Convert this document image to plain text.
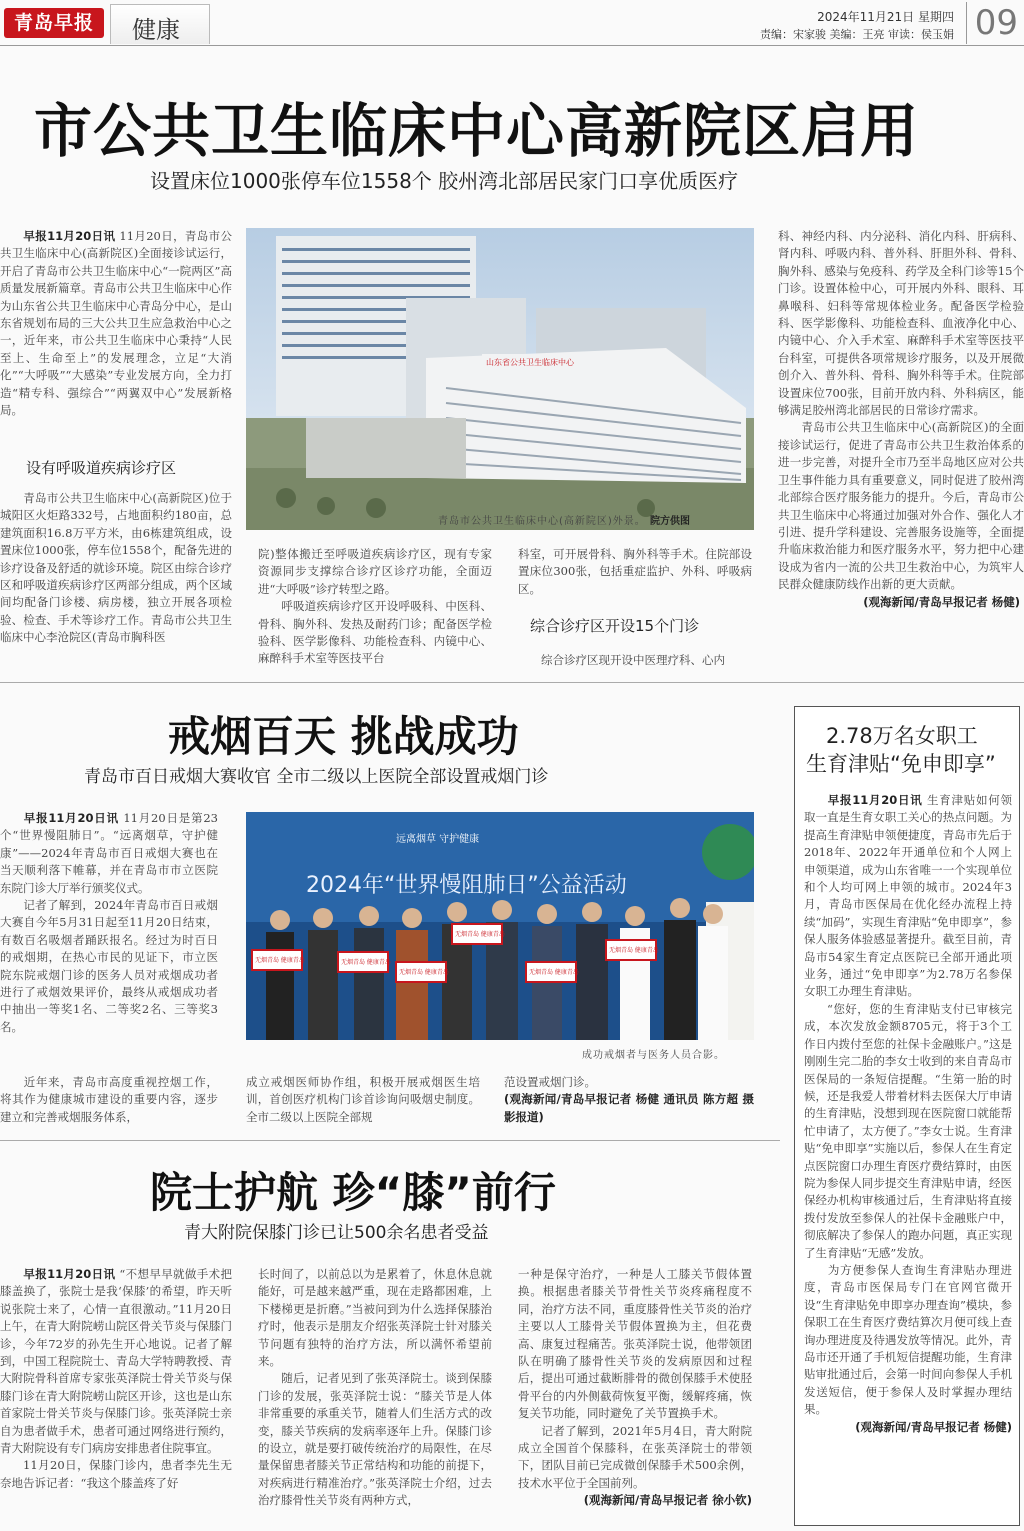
青岛早报	健康	2024年11月21日 星期四
责编：宋家骏 美编：王亮 审读：侯玉娟 09
市公共卫生临床中心高新院区启用
设置床位1000张停车位1558个 胶州湾北部居民家门口享优质医疗
早报11月20日讯 11月20日，青岛市公共卫生临床中心(高新院区)全面接诊试运行，开启了青岛市公共卫生临床中心“一院两区”高质量发展新篇章。青岛市公共卫生临床中心作为山东省公共卫生临床中心青岛分中心，是山东省规划布局的三大公共卫生应急救治中心之一，近年来，市公共卫生临床中心秉持“人民至上、生命至上”的发展理念，立足“大消化”“大呼吸”“大感染”专业发展方向，全力打造“精专科、强综合”“两翼双中心”发展新格局。
设有呼吸道疾病诊疗区
青岛市公共卫生临床中心(高新院区)位于城阳区火炬路332号，占地面积约180亩，总建筑面积16.8万平方米，由6栋建筑组成，设置床位1000张，停车位1558个，配备先进的诊疗设备及舒适的就诊环境。院区由综合诊疗区和呼吸道疾病诊疗区两部分组成，两个区域间均配备门诊楼、病房楼，独立开展各项检验、检查、手术等诊疗工作。青岛市公共卫生临床中心李沧院区(青岛市胸科医
山东省公共卫生临床中心
青岛市公共卫生临床中心(高新院区)外景。 院方供图
院)整体搬迁至呼吸道疾病诊疗区，现有专家资源同步支撑综合诊疗区诊疗功能，全面迈进“大呼吸”诊疗转型之路。
呼吸道疾病诊疗区开设呼吸科、中医科、骨科、胸外科、发热及耐药门诊；配备医学检验科、医学影像科、功能检查科、内镜中心、麻醉科手术室等医技平台
科室，可开展骨科、胸外科等手术。住院部设置床位300张，包括重症监护、外科、呼吸病区。
综合诊疗区开设15个门诊
综合诊疗区现开设中医理疗科、心内
科、神经内科、内分泌科、消化内科、肝病科、肾内科、呼吸内科、普外科、肝胆外科、骨科、胸外科、感染与免疫科、药学及全科门诊等15个门诊。设置体检中心，可开展内外科、眼科、耳鼻喉科、妇科等常规体检业务。配备医学检验科、医学影像科、功能检查科、血液净化中心、内镜中心、介入手术室、麻醉科手术室等医技平台科室，可提供各项常规诊疗服务，以及开展微创介入、普外科、骨科、胸外科等手术。住院部设置床位700张，目前开放内科、外科病区，能够满足胶州湾北部居民的日常诊疗需求。
青岛市公共卫生临床中心(高新院区)的全面接诊试运行，促进了青岛市公共卫生救治体系的进一步完善，对提升全市乃至半岛地区应对公共卫生事件能力具有重要意义，同时促进了胶州湾北部综合医疗服务能力的提升。今后，青岛市公共卫生临床中心将通过加强对外合作、强化人才引进、提升学科建设、完善服务设施等，全面提升临床救治能力和医疗服务水平，努力把中心建设成为省内一流的公共卫生救治中心，为筑牢人民群众健康防线作出新的更大贡献。

(观海新闻/青岛早报记者 杨健)
戒烟百天 挑战成功
青岛市百日戒烟大赛收官 全市二级以上医院全部设置戒烟门诊
早报11月20日讯 11月20日是第23个“世界慢阻肺日”。“远离烟草，守护健康”——2024年青岛市百日戒烟大赛也在当天顺利落下帷幕，并在青岛市市立医院东院门诊大厅举行颁奖仪式。
记者了解到，2024年青岛市百日戒烟大赛自今年5月31日起至11月20日结束，有数百名吸烟者踊跃报名。经过为时百日的戒烟期，在热心市民的见证下，市立医院东院戒烟门诊的医务人员对戒烟成功者进行了戒烟效果评价，最终从戒烟成功者中抽出一等奖1名、二等奖2名、三等奖3名。
远离烟草 守护健康
2024年“世界慢阻肺日”公益活动
无烟青岛 健康青岛	无烟青岛 健康青岛
无烟青岛 健康青岛
无烟青岛 健康青岛
无烟青岛 健康青岛
无烟青岛 健康青岛
成功戒烟者与医务人员合影。
近年来，青岛市高度重视控烟工作，将其作为健康城市建设的重要内容，逐步建立和完善戒烟服务体系，
成立戒烟医师协作组，积极开展戒烟医生培训，首创医疗机构门诊首诊询问吸烟史制度。全市二级以上医院全部规
范设置戒烟门诊。
(观海新闻/青岛早报记者 杨健 通讯员 陈方超 摄影报道)
院士护航 珍“膝”前行
青大附院保膝门诊已让500余名患者受益
早报11月20日讯 “不想早早就做手术把膝盖换了，张院士是我‘保膝’的希望，昨天听说张院士来了，心情一直很激动。”11月20日上午，在青大附院崂山院区骨关节炎与保膝门诊，今年72岁的孙先生开心地说。记者了解到，中国工程院院士、青岛大学特聘教授、青大附院骨科首席专家张英泽院士骨关节炎与保膝门诊在青大附院崂山院区开诊，这也是山东首家院士骨关节炎与保膝门诊。张英泽院士亲自为患者做手术，患者可通过网络进行预约，青大附院设有专门病房安排患者住院事宜。
11月20日，保膝门诊内，患者李先生无奈地告诉记者：“我这个膝盖疼了好
长时间了，以前总以为是累着了，休息休息就能好，可是越来越严重，现在走路都困难，上下楼梯更是折磨。”当被问到为什么选择保膝治疗时，他表示是朋友介绍张英泽院士针对膝关节问题有独特的治疗方法，所以满怀希望前来。
随后，记者见到了张英泽院士。谈到保膝门诊的发展，张英泽院士说：“膝关节是人体非常重要的承重关节，随着人们生活方式的改变，膝关节疾病的发病率逐年上升。保膝门诊的设立，就是要打破传统治疗的局限性，在尽量保留患者膝关节正常结构和功能的前提下，对疾病进行精准治疗。”张英泽院士介绍，过去治疗膝骨性关节炎有两种方式，
一种是保守治疗，一种是人工膝关节假体置换。根据患者膝关节骨性关节炎疼痛程度不同，治疗方法不同，重度膝骨性关节炎的治疗主要以人工膝骨关节假体置换为主，但花费高、康复过程痛苦。张英泽院士说，他带领团队在明确了膝骨性关节炎的发病原因和过程后，提出可通过截断腓骨的微创保膝手术使胫骨平台的内外侧截荷恢复平衡，缓解疼痛，恢复关节功能，同时避免了关节置换手术。
记者了解到，2021年5月4日，青大附院成立全国首个保膝科，在张英泽院士的带领下，团队目前已完成微创保膝手术500余例，技术水平位于全国前列。

(观海新闻/青岛早报记者 徐小钦)
2.78万名女职工
生育津贴“免申即享”
早报11月20日讯 生育津贴如何领取一直是生育女职工关心的热点问题。为提高生育津贴申领便捷度，青岛市先后于2018年、2022年开通单位和个人网上申领渠道，成为山东省唯一一个实现单位和个人均可网上申领的城市。2024年3月，青岛市医保局在优化经办流程上持续“加码”，实现生育津贴“免申即享”，参保人服务体验感显著提升。截至目前，青岛市54家生育定点医院已全部开通此项业务，通过“免申即享”为2.78万名参保女职工办理生育津贴。
“您好，您的生育津贴支付已审核完成，本次发放金额8705元，将于3个工作日内拨付至您的社保卡金融账户。”这是刚刚生完二胎的李女士收到的来自青岛市医保局的一条短信提醒。“生第一胎的时候，还是我爱人带着材料去医保大厅申请的生育津贴，没想到现在医院窗口就能帮忙申请了，太方便了。”李女士说。生育津贴“免申即享”实施以后，参保人在生育定点医院窗口办理生育医疗费结算时，由医院为参保人同步提交生育津贴申请，经医保经办机构审核通过后，生育津贴将直接拨付发放至参保人的社保卡金融账户中，彻底解决了参保人的跑办问题，真正实现了生育津贴“无感”发放。
为方便参保人查询生育津贴办理进度，青岛市医保局专门在官网官微开设“生育津贴免申即享办理查询”模块，参保职工在生育医疗费结算次月便可线上查询办理进度及待遇发放等情况。此外，青岛市还开通了手机短信提醒功能，生育津贴审批通过后，会第一时间向参保人手机发送短信，便于参保人及时掌握办理结果。

(观海新闻/青岛早报记者 杨健)
